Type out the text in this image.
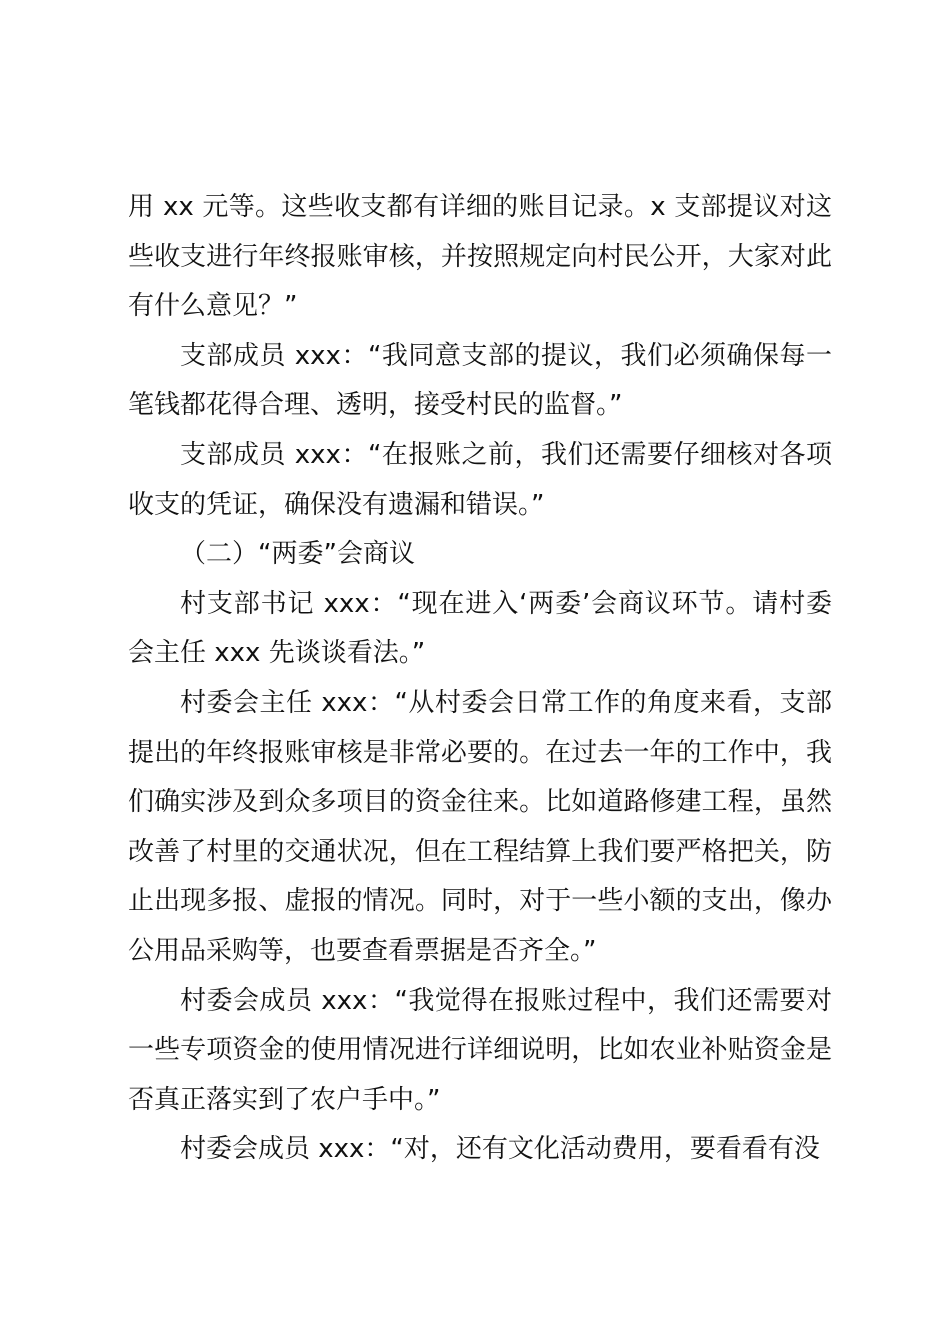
用 xx 元等。这些收支都有详细的账目记录。x 支部提议对这些收支进行年终报账审核，并按照规定向村民公开，大家对此有什么意见？”

支部成员 xxx：“我同意支部的提议，我们必须确保每一笔钱都花得合理、透明，接受村民的监督。”

支部成员 xxx：“在报账之前，我们还需要仔细核对各项收支的凭证，确保没有遗漏和错误。”

（二）“两委”会商议

村支部书记 xxx：“现在进入‘两委’会商议环节。请村委会主任 xxx 先谈谈看法。”

村委会主任 xxx：“从村委会日常工作的角度来看，支部提出的年终报账审核是非常必要的。在过去一年的工作中，我们确实涉及到众多项目的资金往来。比如道路修建工程，虽然改善了村里的交通状况，但在工程结算上我们要严格把关，防止出现多报、虚报的情况。同时，对于一些小额的支出，像办公用品采购等，也要查看票据是否齐全。”

村委会成员 xxx：“我觉得在报账过程中，我们还需要对一些专项资金的使用情况进行详细说明，比如农业补贴资金是否真正落实到了农户手中。”

村委会成员 xxx：“对，还有文化活动费用，要看看有没
